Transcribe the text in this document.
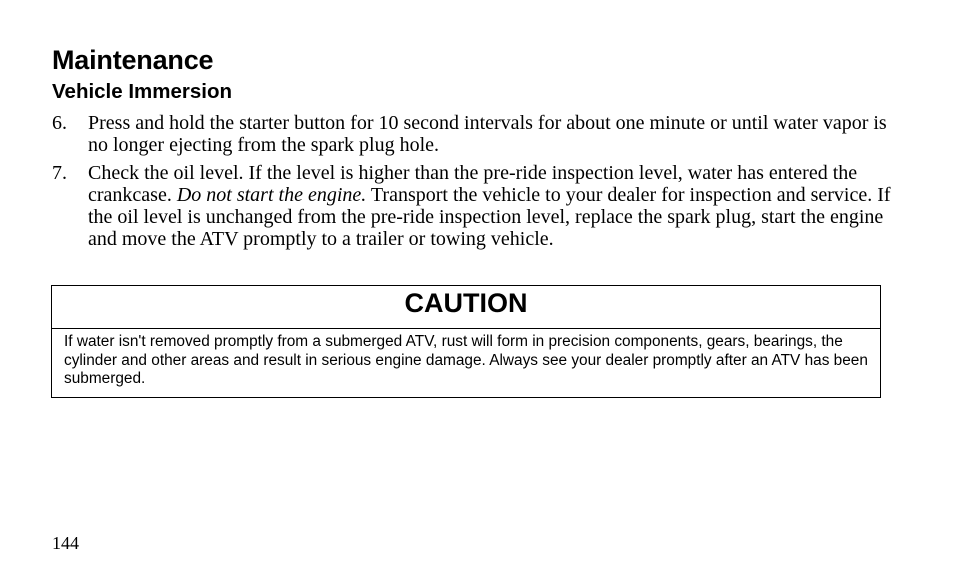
Maintenance
Vehicle Immersion
6. Press and hold the starter button for 10 second intervals for about one minute or until water vapor is no longer ejecting from the spark plug hole.
7. Check the oil level. If the level is higher than the pre-ride inspection level, water has entered the crankcase. Do not start the engine. Transport the vehicle to your dealer for inspection and service. If the oil level is unchanged from the pre-ride inspection level, replace the spark plug, start the engine and move the ATV promptly to a trailer or towing vehicle.
CAUTION
If water isn't removed promptly from a submerged ATV, rust will form in precision components, gears, bearings, the cylinder and other areas and result in serious engine damage. Always see your dealer promptly after an ATV has been submerged.
144
